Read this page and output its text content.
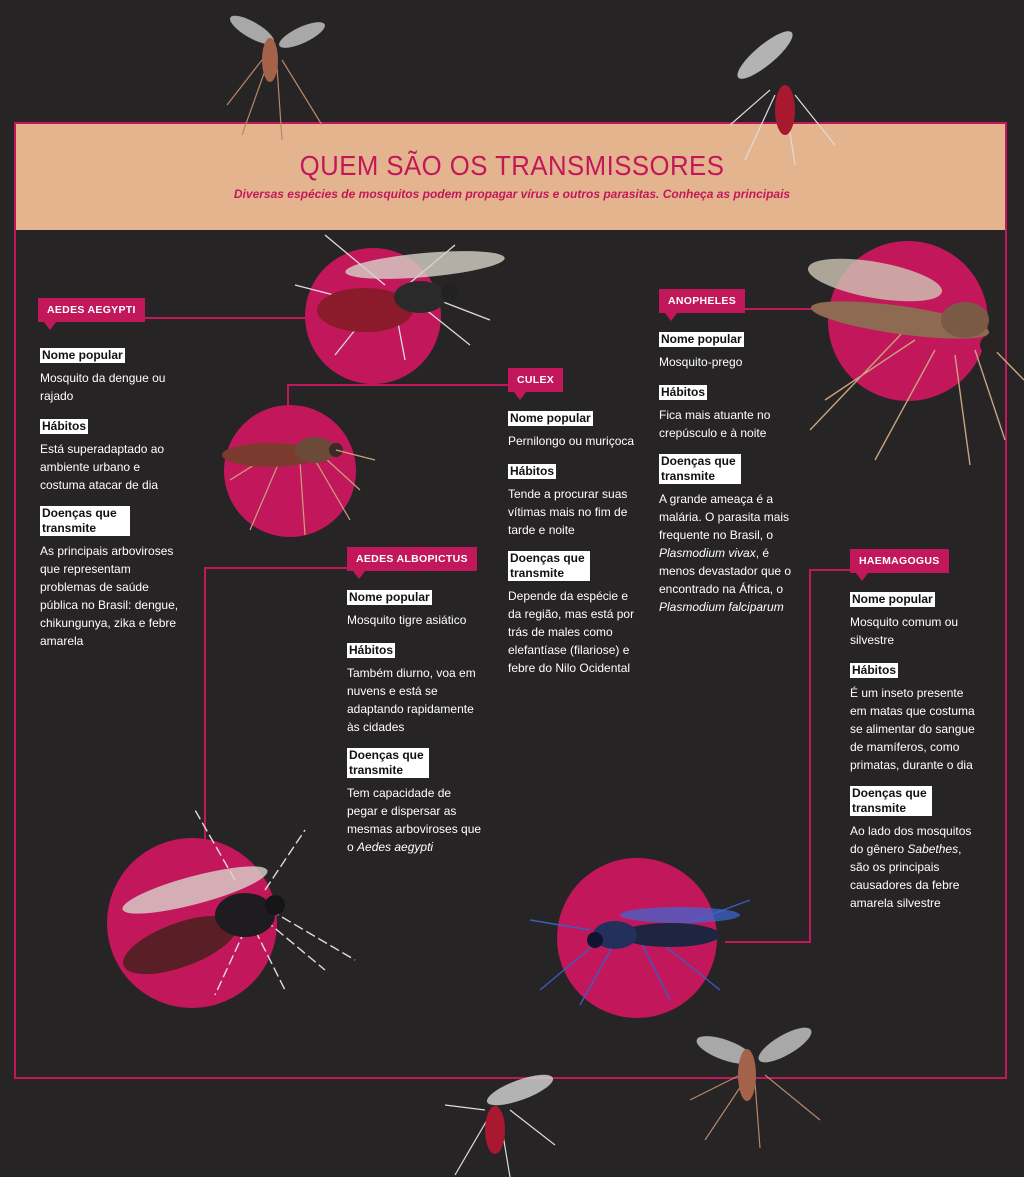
QUEM SÃO OS TRANSMISSORES
Diversas espécies de mosquitos podem propagar vírus e outros parasitas. Conheça as principais
AEDES AEGYPTI
CULEX
ANOPHELES
AEDES ALBOPICTUS	HAEMAGOGUS
Nome popular

Mosquito da dengue ou rajado

Hábitos

Está superadaptado ao ambiente urbano e costuma atacar de dia

Doenças que transmite

As principais arboviroses que representam problemas de saúde pública no Brasil: dengue, chikungunya, zika e febre amarela

Nome popular

Pernilongo ou muriçoca

Hábitos

Tende a procurar suas vítimas mais no fim de tarde e noite

Doenças que transmite

Depende da espécie e da região, mas está por trás de males como elefantíase (filariose) e febre do Nilo Ocidental

Nome popular

Mosquito-prego

Hábitos

Fica mais atuante no crepúsculo e à noite

Doenças que transmite

A grande ameaça é a malária. O parasita mais frequente no Brasil, o Plasmodium vivax, é menos devastador que o encontrado na África, o Plasmodium falciparum

Nome popular

Mosquito tigre asiático

Hábitos

Também diurno, voa em nuvens e está se adaptando rapidamente às cidades

Doenças que transmite

Tem capacidade de pegar e dispersar as mesmas arboviroses que o Aedes aegypti

Nome popular

Mosquito comum ou silvestre

Hábitos

É um inseto presente em matas que costuma se alimentar do sangue de mamíferos, como primatas, durante o dia

Doenças que transmite

Ao lado dos mosquitos do gênero Sabethes, são os principais causadores da febre amarela silvestre
